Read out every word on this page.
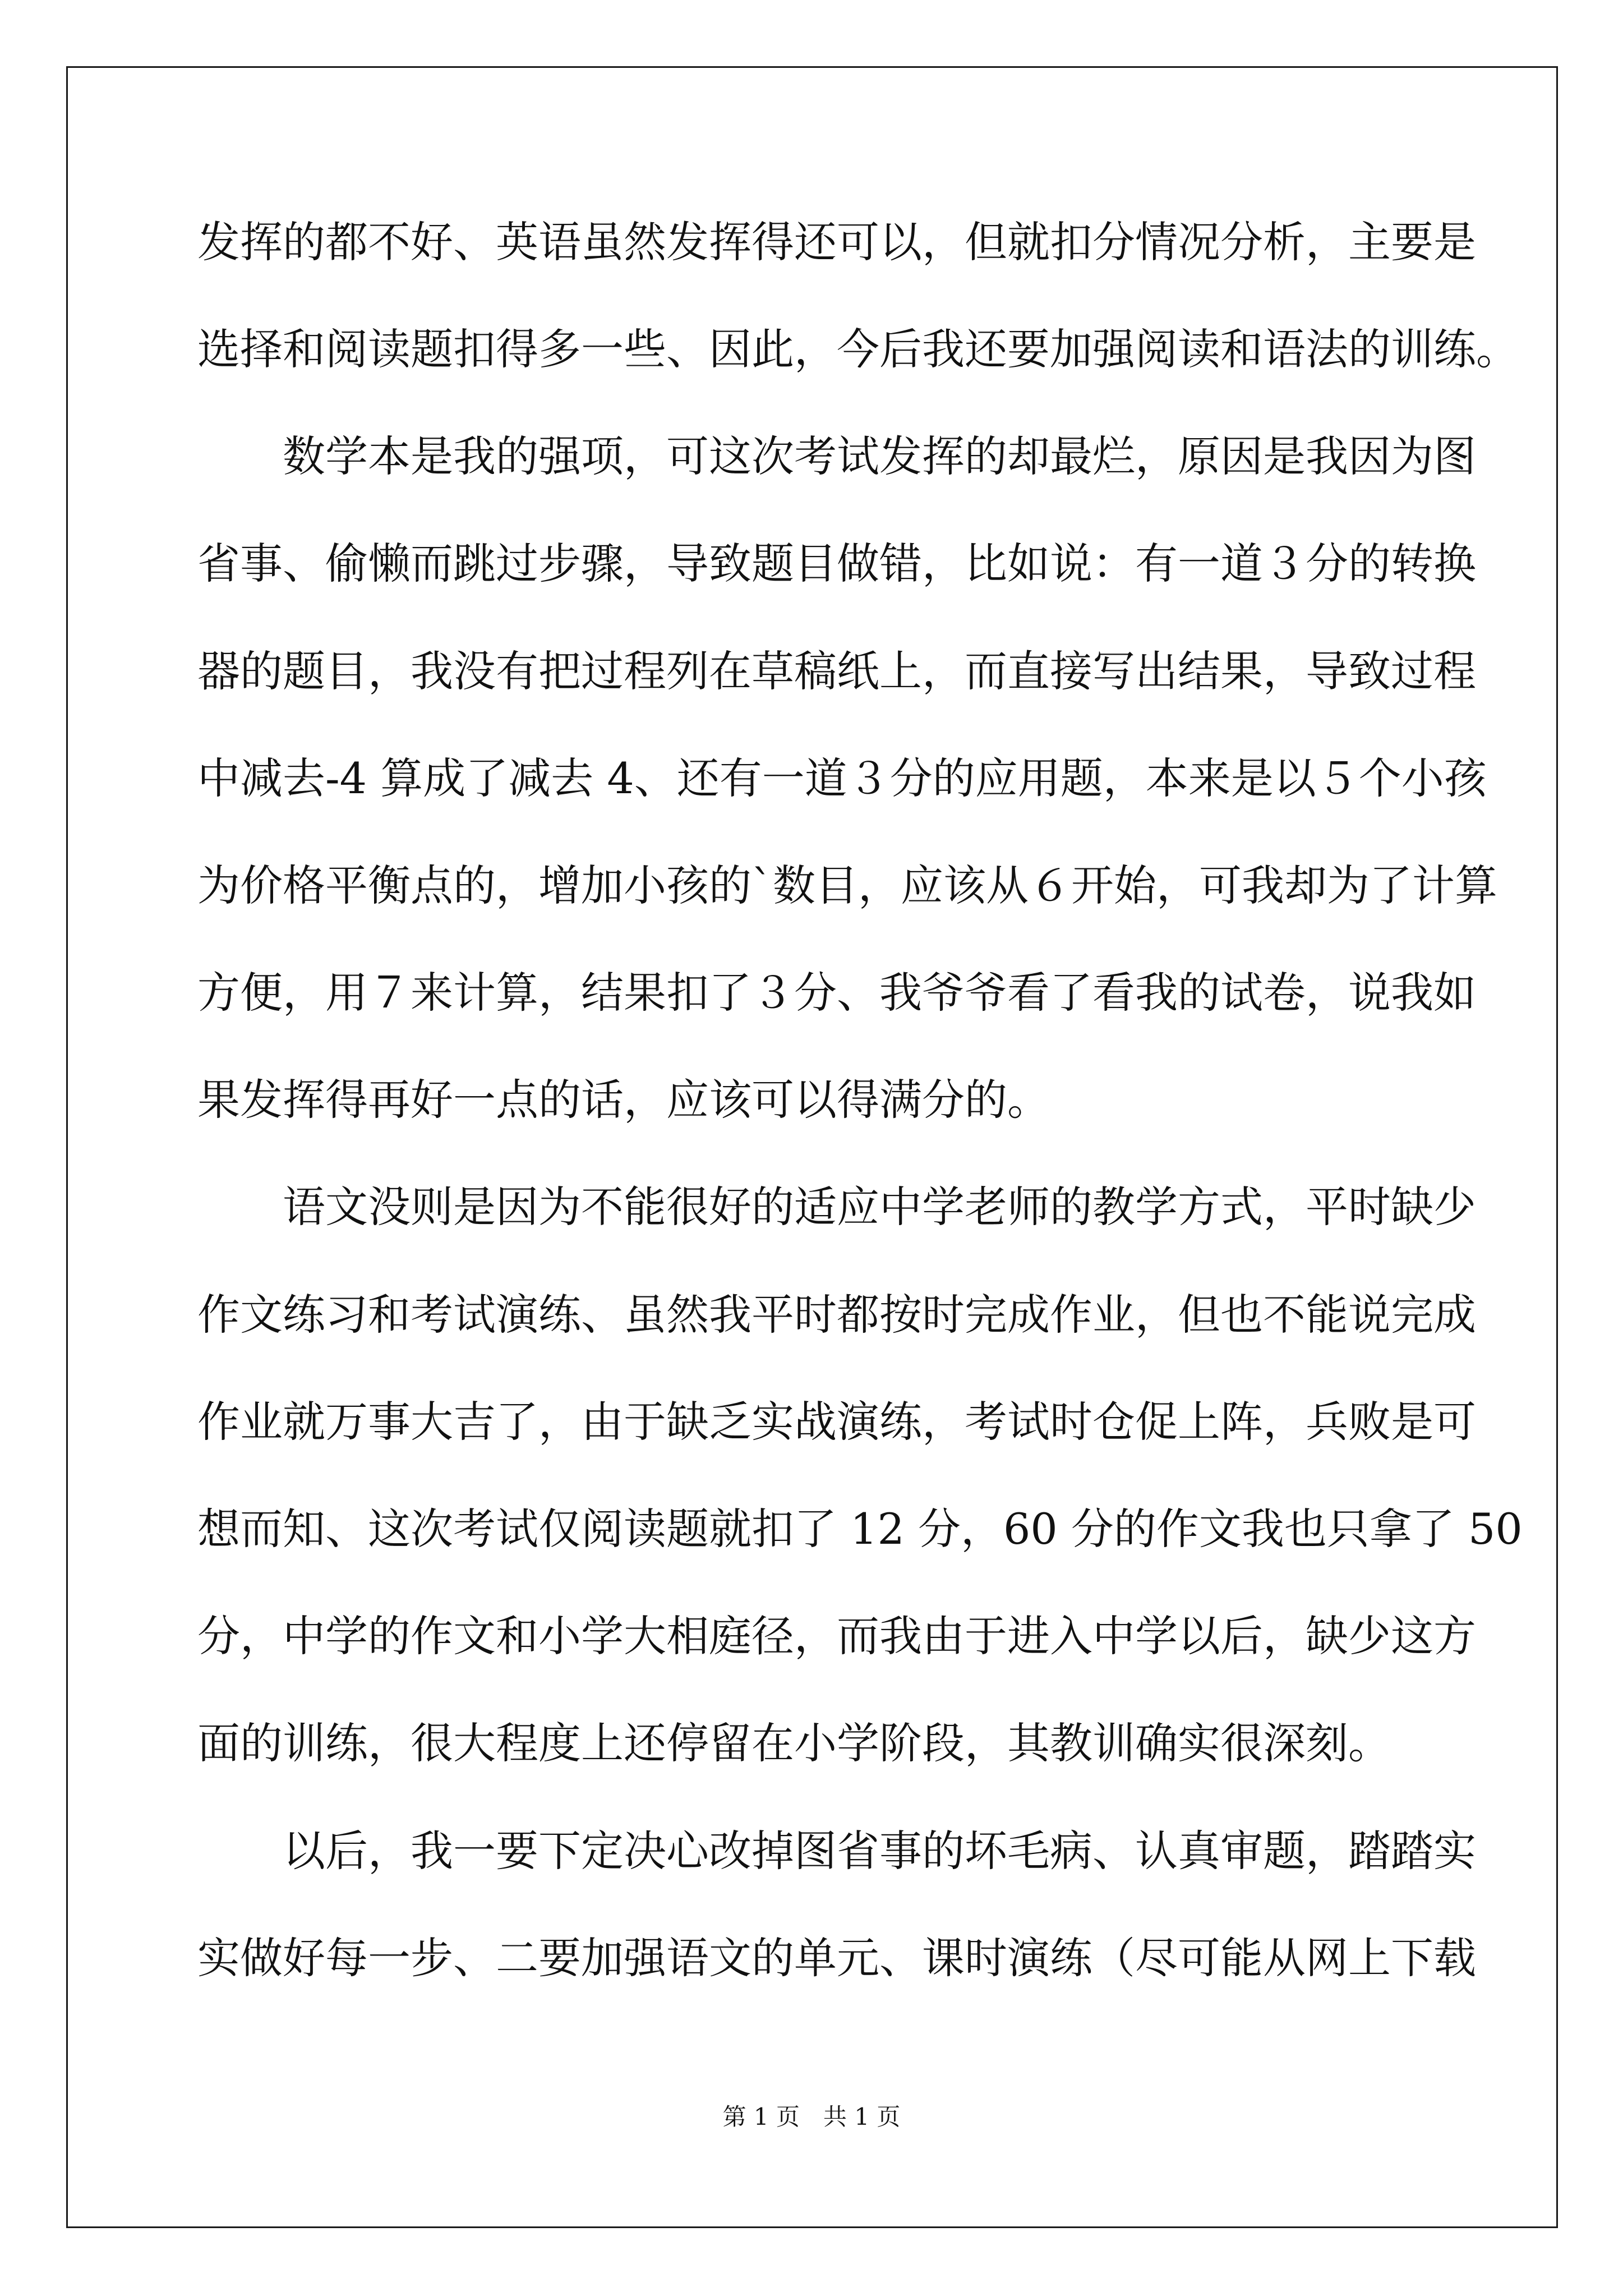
发挥的都不好、英语虽然发挥得还可以，但就扣分情况分析，主要是
选择和阅读题扣得多一些、因此，今后我还要加强阅读和语法的训练。
　　数学本是我的强项，可这次考试发挥的却最烂，原因是我因为图
省事、偷懒而跳过步骤，导致题目做错，比如说：有一道３分的转换
器的题目，我没有把过程列在草稿纸上，而直接写出结果，导致过程
中减去-4 算成了减去 4、还有一道３分的应用题，本来是以５个小孩
为价格平衡点的，增加小孩的`数目，应该从６开始，可我却为了计算
方便，用７来计算，结果扣了３分、我爷爷看了看我的试卷，说我如
果发挥得再好一点的话，应该可以得满分的。
　　语文没则是因为不能很好的适应中学老师的教学方式，平时缺少
作文练习和考试演练、虽然我平时都按时完成作业，但也不能说完成
作业就万事大吉了，由于缺乏实战演练，考试时仓促上阵，兵败是可
想而知、这次考试仅阅读题就扣了 12 分，60 分的作文我也只拿了 50
分，中学的作文和小学大相庭径，而我由于进入中学以后，缺少这方
面的训练，很大程度上还停留在小学阶段，其教训确实很深刻。
　　以后，我一要下定决心改掉图省事的坏毛病、认真审题，踏踏实
实做好每一步、二要加强语文的单元、课时演练（尽可能从网上下载
第 1 页　共 1 页
